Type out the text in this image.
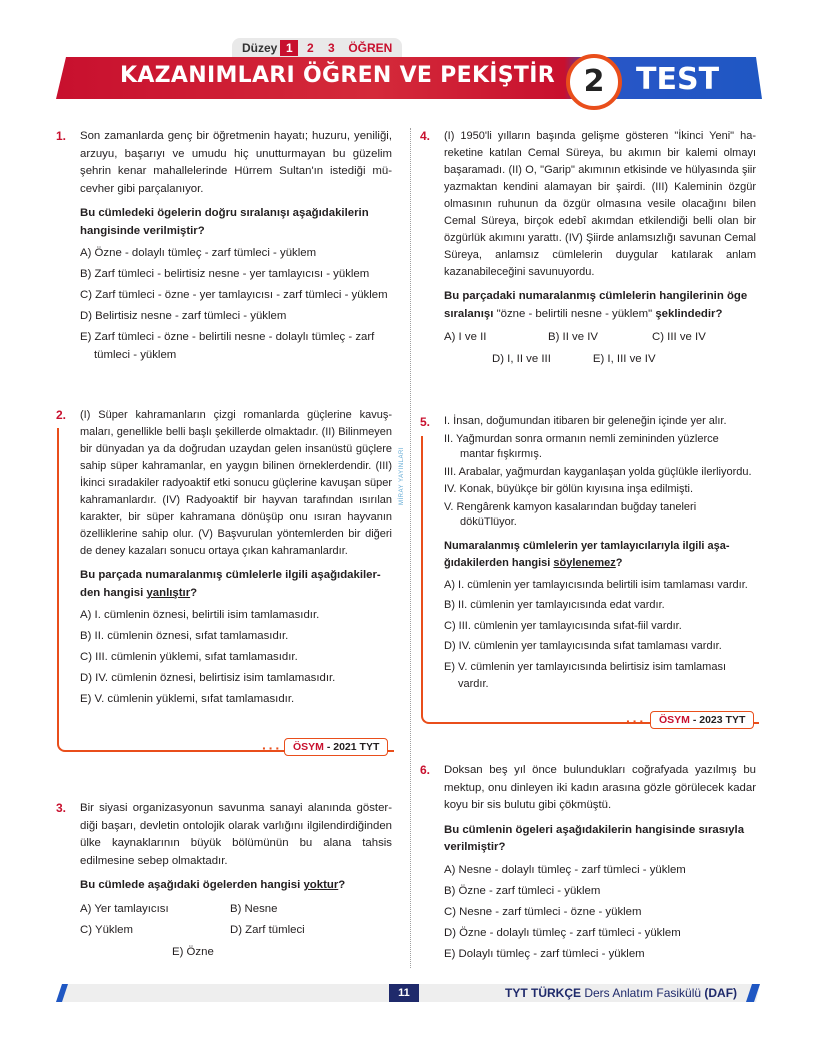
Düzey 1	2	3	ÖĞREN
KAZANIMLARI ÖĞREN VE PEKİŞTİR 2	TEST
MİRAY YAYINLARI
1. Son zamanlarda genç bir öğretmenin hayatı; huzuru, yeniliği, arzuyu, başarıyı ve umudu hiç unutturmayan bu güzelim şehrin kenar mahallelerinde Hürrem Sultan'ın istediği mücevher gibi parçalanıyor.
Bu cümledeki ögelerin doğru sıralanışı aşağıdakilerin hangisinde verilmiştir?
A) Özne - dolaylı tümleç - zarf tümleci - yüklem
B) Zarf tümleci - belirtisiz nesne - yer tamlayıcısı - yüklem
C) Zarf tümleci - özne - yer tamlayıcısı - zarf tümleci - yüklem
D) Belirtisiz nesne - zarf tümleci - yüklem
E) Zarf tümleci - özne - belirtili nesne - dolaylı tümleç - zarf tümleci - yüklem
···	ÖSYM - 2021 TYT
2. (I) Süper kahramanların çizgi romanlarda güçlerine kavuşmaları, genellikle belli başlı şekillerde olmaktadır. (II) Bilinmeyen bir dünyadan ya da doğrudan uzaydan gelen insanüstü güçlere sahip süper kahramanlar, en yaygın bilinen örneklerdendir. (III) İkinci sıradakiler radyoaktif etki sonucu güçlerine kavuşan süper kahramanlardır. (IV) Radyoaktif bir hayvan tarafından ısırılan karakter, bir süper kahramana dönüşüp onu ısıran hayvanın özelliklerine sahip olur. (V) Başvurulan yöntemlerden bir diğeri de deney kazaları sonucu ortaya çıkan kahramanlardır.
Bu parçada numaralanmış cümlelerle ilgili aşağıdakilerden hangisi yanlıştır?
A) I. cümlenin öznesi, belirtili isim tamlamasıdır.
B) II. cümlenin öznesi, sıfat tamlamasıdır.
C) III. cümlenin yüklemi, sıfat tamlamasıdır.
D) IV. cümlenin öznesi, belirtisiz isim tamlamasıdır.
E) V. cümlenin yüklemi, sıfat tamlamasıdır.
3. Bir siyasi organizasyonun savunma sanayi alanında gösterdiği başarı, devletin ontolojik olarak varlığını ilgilendirdiğinden ülke kaynaklarının büyük bölümünün bu alana tahsis edilmesine sebep olmaktadır.
Bu cümlede aşağıdaki ögelerden hangisi yoktur?
A) Yer tamlayıcısı	B) Nesne
C) Yüklem	D) Zarf tümleci
E) Özne
4. (I) 1950'li yılların başında gelişme gösteren "İkinci Yeni" hareketine katılan Cemal Süreya, bu akımın bir kalemi olmayı başaramadı. (II) O, "Garip" akımının etkisinde ve hülyasında şiir yazmaktan kendini alamayan bir şairdi. (III) Kaleminin özgür olmasının ruhunun da özgür olmasına vesile olacağını bilen Cemal Süreya, birçok edebî akımdan etkilendiği belli olan bir özgürlük akımını yarattı. (IV) Şiirde anlamsızlığı savunan Cemal Süreya, anlamsız cümlelerin duygular katılarak anlam kazanabileceğini savunuyordu.
Bu parçadaki numaralanmış cümlelerin hangilerinin öge sıralanışı "özne - belirtili nesne - yüklem" şeklindedir?
A) I ve II	B) II ve IV	C) III ve IV
D) I, II ve III	E) I, III ve IV
···	ÖSYM - 2023 TYT
5. I. İnsan, doğumundan itibaren bir geleneğin içinde yer alır.
II. Yağmurdan sonra ormanın nemli zemininden yüzlerce mantar fışkırmış.
III. Arabalar, yağmurdan kayganlaşan yolda güçlükle ilerliyordu.
IV. Konak, büyükçe bir gölün kıyısına inşa edilmişti.
V. Rengârenk kamyon kasalarından buğday taneleri döküTlüyor.
Numaralanmış cümlelerin yer tamlayıcılarıyla ilgili aşağıdakilerden hangisi söylenemez?
A) I. cümlenin yer tamlayıcısında belirtili isim tamlaması vardır.
B) II. cümlenin yer tamlayıcısında edat vardır.
C) III. cümlenin yer tamlayıcısında sıfat-fiil vardır.
D) IV. cümlenin yer tamlayıcısında sıfat tamlaması vardır.
E) V. cümlenin yer tamlayıcısında belirtisiz isim tamlaması vardır.
6. Doksan beş yıl önce bulundukları coğrafyada yazılmış bu mektup, onu dinleyen iki kadın arasına gözle görülecek kadar koyu bir sis bulutu gibi çökmüştü.
Bu cümlenin ögeleri aşağıdakilerin hangisinde sırasıyla verilmiştir?
A) Nesne - dolaylı tümleç - zarf tümleci - yüklem
B) Özne - zarf tümleci - yüklem
C) Nesne - zarf tümleci - özne - yüklem
D) Özne - dolaylı tümleç - zarf tümleci - yüklem
E) Dolaylı tümleç - zarf tümleci - yüklem
11	TYT TÜRKÇE Ders Anlatım Fasikülü (DAF)
